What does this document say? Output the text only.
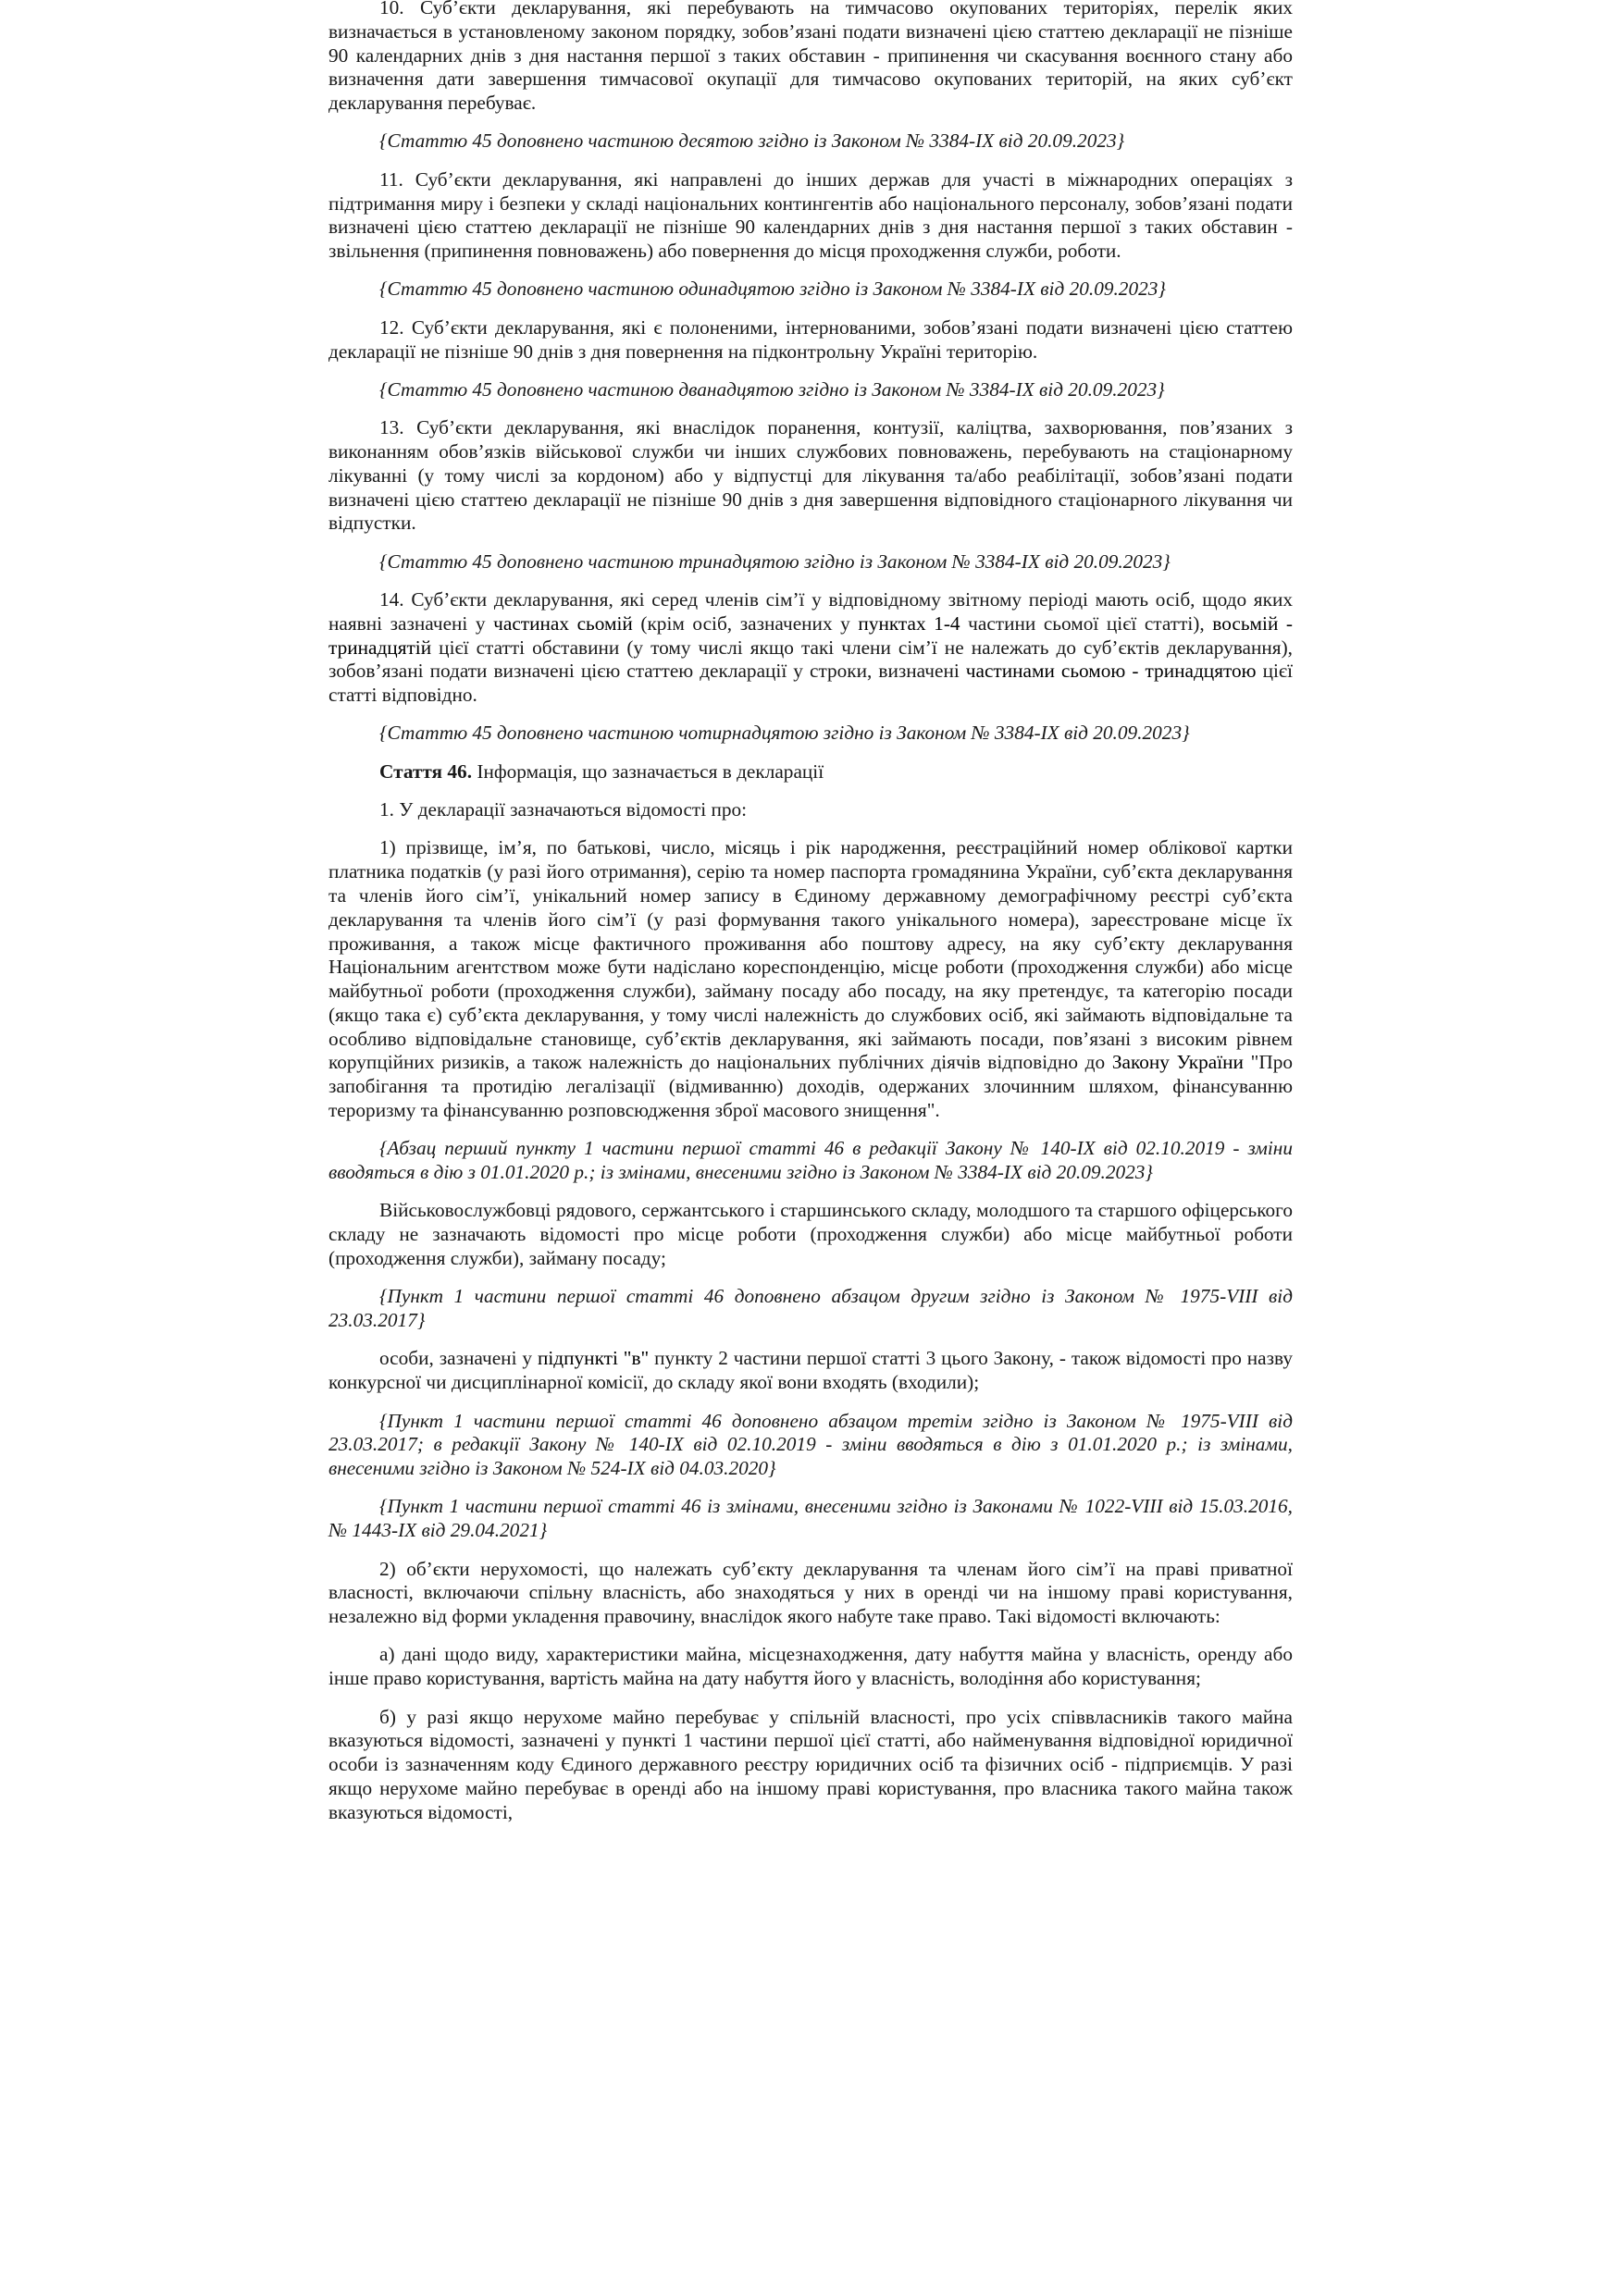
10. Суб’єкти декларування, які перебувають на тимчасово окупованих територіях, перелік яких визначається в установленому законом порядку, зобов’язані подати визначені цією статтею декларації не пізніше 90 календарних днів з дня настання першої з таких обставин - припинення чи скасування воєнного стану або визначення дати завершення тимчасової окупації для тимчасово окупованих територій, на яких суб’єкт декларування перебуває.

{Статтю 45 доповнено частиною десятою згідно із Законом № 3384-IX від 20.09.2023}

11. Суб’єкти декларування, які направлені до інших держав для участі в міжнародних операціях з підтримання миру і безпеки у складі національних контингентів або національного персоналу, зобов’язані подати визначені цією статтею декларації не пізніше 90 календарних днів з дня настання першої з таких обставин - звільнення (припинення повноважень) або повернення до місця проходження служби, роботи.

{Статтю 45 доповнено частиною одинадцятою згідно із Законом № 3384-IX від 20.09.2023}

12. Суб’єкти декларування, які є полоненими, інтернованими, зобов’язані подати визначені цією статтею декларації не пізніше 90 днів з дня повернення на підконтрольну Україні територію.

{Статтю 45 доповнено частиною дванадцятою згідно із Законом № 3384-IX від 20.09.2023}

13. Суб’єкти декларування, які внаслідок поранення, контузії, каліцтва, захворювання, пов’язаних з виконанням обов’язків військової служби чи інших службових повноважень, перебувають на стаціонарному лікуванні (у тому числі за кордоном) або у відпустці для лікування та/або реабілітації, зобов’язані подати визначені цією статтею декларації не пізніше 90 днів з дня завершення відповідного стаціонарного лікування чи відпустки.

{Статтю 45 доповнено частиною тринадцятою згідно із Законом № 3384-IX від 20.09.2023}

14. Суб’єкти декларування, які серед членів сім’ї у відповідному звітному періоді мають осіб, щодо яких наявні зазначені у частинах сьомій (крім осіб, зазначених у пунктах 1-4 частини сьомої цієї статті), восьмій - тринадцятій цієї статті обставини (у тому числі якщо такі члени сім’ї не належать до суб’єктів декларування), зобов’язані подати визначені цією статтею декларації у строки, визначені частинами сьомою - тринадцятою цієї статті відповідно.

{Статтю 45 доповнено частиною чотирнадцятою згідно із Законом № 3384-IX від 20.09.2023}

Стаття 46. Інформація, що зазначається в декларації

1. У декларації зазначаються відомості про:

1) прізвище, ім’я, по батькові, число, місяць і рік народження, реєстраційний номер облікової картки платника податків (у разі його отримання), серію та номер паспорта громадянина України, суб’єкта декларування та членів його сім’ї, унікальний номер запису в Єдиному державному демографічному реєстрі суб’єкта декларування та членів його сім’ї (у разі формування такого унікального номера), зареєстроване місце їх проживання, а також місце фактичного проживання або поштову адресу, на яку суб’єкту декларування Національним агентством може бути надіслано кореспонденцію, місце роботи (проходження служби) або місце майбутньої роботи (проходження служби), займану посаду або посаду, на яку претендує, та категорію посади (якщо така є) суб’єкта декларування, у тому числі належність до службових осіб, які займають відповідальне та особливо відповідальне становище, суб’єктів декларування, які займають посади, пов’язані з високим рівнем корупційних ризиків, а також належність до національних публічних діячів відповідно до Закону України "Про запобігання та протидію легалізації (відмиванню) доходів, одержаних злочинним шляхом, фінансуванню тероризму та фінансуванню розповсюдження зброї масового знищення".

{Абзац перший пункту 1 частини першої статті 46 в редакції Закону № 140-IX від 02.10.2019 - зміни вводяться в дію з 01.01.2020 р.; із змінами, внесеними згідно із Законом № 3384-IX від 20.09.2023}

Військовослужбовці рядового, сержантського і старшинського складу, молодшого та старшого офіцерського складу не зазначають відомості про місце роботи (проходження служби) або місце майбутньої роботи (проходження служби), займану посаду;

{Пункт 1 частини першої статті 46 доповнено абзацом другим згідно із Законом № 1975-VIII від 23.03.2017}

особи, зазначені у підпункті "в" пункту 2 частини першої статті 3 цього Закону, - також відомості про назву конкурсної чи дисциплінарної комісії, до складу якої вони входять (входили);

{Пункт 1 частини першої статті 46 доповнено абзацом третім згідно із Законом № 1975-VIII від 23.03.2017; в редакції Закону № 140-IX від 02.10.2019 - зміни вводяться в дію з 01.01.2020 р.; із змінами, внесеними згідно із Законом № 524-IX від 04.03.2020}

{Пункт 1 частини першої статті 46 із змінами, внесеними згідно із Законами № 1022-VIII від 15.03.2016, № 1443-IX від 29.04.2021}

2) об’єкти нерухомості, що належать суб’єкту декларування та членам його сім’ї на праві приватної власності, включаючи спільну власність, або знаходяться у них в оренді чи на іншому праві користування, незалежно від форми укладення правочину, внаслідок якого набуте таке право. Такі відомості включають:

а) дані щодо виду, характеристики майна, місцезнаходження, дату набуття майна у власність, оренду або інше право користування, вартість майна на дату набуття його у власність, володіння або користування;

б) у разі якщо нерухоме майно перебуває у спільній власності, про усіх співвласників такого майна вказуються відомості, зазначені у пункті 1 частини першої цієї статті, або найменування відповідної юридичної особи із зазначенням коду Єдиного державного реєстру юридичних осіб та фізичних осіб - підприємців. У разі якщо нерухоме майно перебуває в оренді або на іншому праві користування, про власника такого майна також вказуються відомості,
